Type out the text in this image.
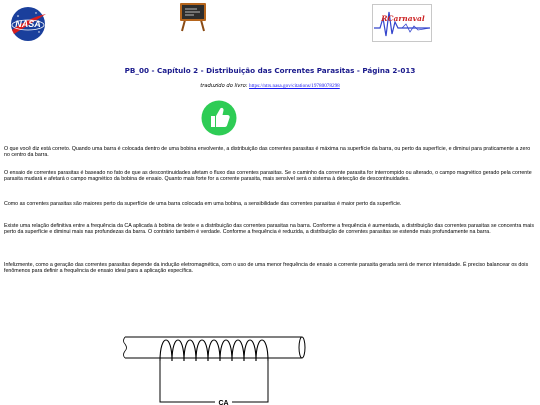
NASA
RCarnaval
PB_00 - Capítulo 2 - Distribuição das Correntes Parasitas - Página 2-013
traduzido do livro: https://ntrs.nasa.gov/citations/19780078298
O que você diz está correto. Quando uma barra é colocada dentro de uma bobina envolvente, a distribuição das correntes parasitas é máxima na superfície da barra, ou perto da superfície, e diminui para praticamente a zero no centro da barra.
O ensaio de correntes parasitas é baseado no fato de que as descontinuidades afetam o fluxo das correntes parasitas. Se o caminho da corrente parasita for interrompido ou alterado, o campo magnético gerado pela corrente parasita mudará e afetará o campo magnético da bobina de ensaio. Quanto mais forte for a corrente parasita, mais sensível será o sistema à detecção de descontinuidades.
Como as correntes parasitas são maiores perto da superfície de uma barra colocada em uma bobina, a sensibilidade das correntes parasitas é maior perto da superfície.
Existe uma relação definitiva entre a frequência da CA aplicada à bobina de teste e a distribuição das correntes parasitas na barra. Conforme a frequência é aumentada, a distribuição das correntes parasitas se concentra mais perto da superfície e diminui mais nas profundezas da barra. O contrário também é verdade. Conforme a frequência é reduzida, a distribuição de correntes parasitas se estende mais profundamente na barra.
Infelizmente, como a geração das correntes parasitas depende da indução eletromagnética, com o uso de uma menor frequência de ensaio a corrente parasita gerada será de menor intensidade. É preciso balancear os dois fenômenos para definir a frequência de ensaio ideal para a aplicação específica.
CA
